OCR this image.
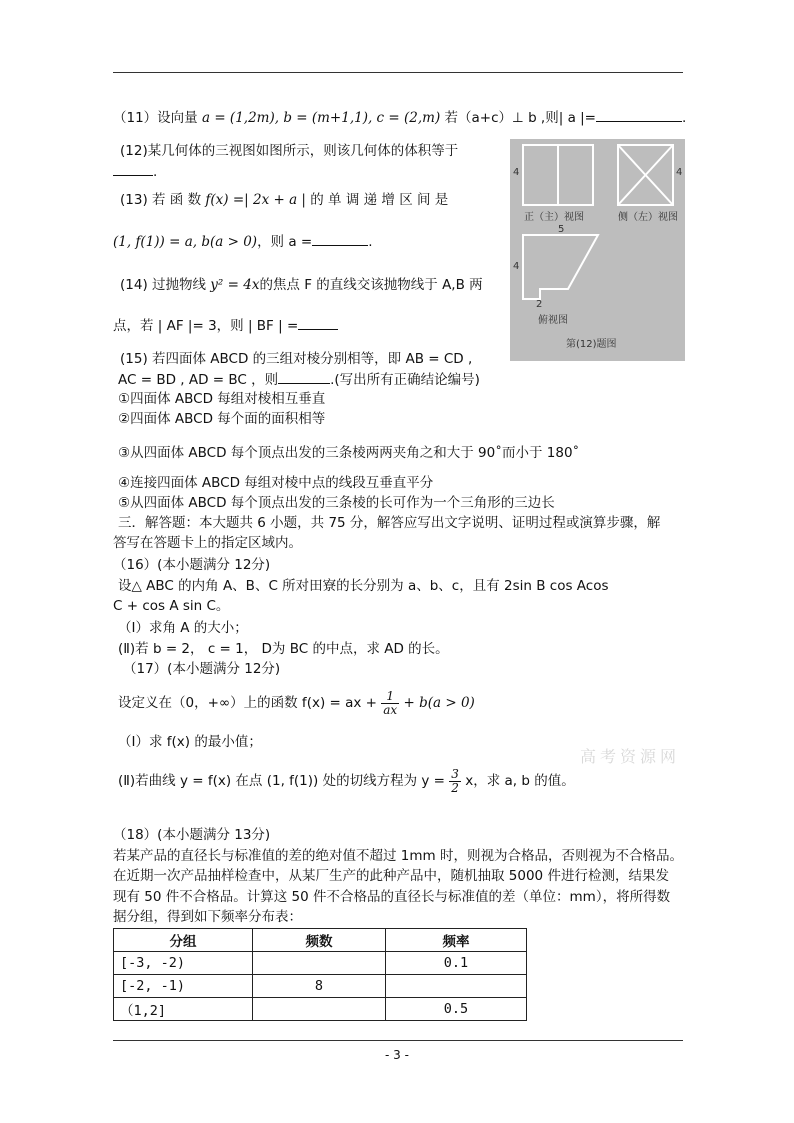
（11）设向量 a = (1,2m), b = (m+1,1), c = (2,m) 若（a+c）⊥ b ,则| a |=	.
(12)某几何体的三视图如图所示，则该几何体的体积等于
.
(13) 若 函 数 f(x) =| 2x + a | 的 单 调 递 增 区 间 是
(1, f(1)) = a, b(a > 0)，则 a =	.
(14) 过抛物线 y² = 4x的焦点 F 的直线交该抛物线于 A,B 两
点，若 | AF |= 3，则 | BF | =
4	4
正（主）视图	侧（左）视图
5
4
2
俯视图
第(12)题图
(15) 若四面体 ABCD 的三组对棱分别相等，即 AB = CD ,
AC = BD , AD = BC ，则	.(写出所有正确结论编号)
①四面体 ABCD 每组对棱相互垂直
②四面体 ABCD 每个面的面积相等
③从四面体 ABCD 每个顶点出发的三条棱两两夹角之和大于 90˚而小于 180˚
④连接四面体 ABCD 每组对棱中点的线段互垂直平分
⑤从四面体 ABCD 每个顶点出发的三条棱的长可作为一个三角形的三边长
三．解答题：本大题共 6 小题，共 75 分，解答应写出文字说明、证明过程或演算步骤，解
答写在答题卡上的指定区域内。
（16）(本小题满分 12分)
设△ ABC 的内角 A、B、C 所对田寮的长分别为 a、b、c，且有 2sin B cos Acos
C + cos A sin C。
（Ⅰ）求角 A 的大小；
(Ⅱ)若 b = 2， c = 1， D为 BC 的中点，求 AD 的长。
（17）(本小题满分 12分)
设定义在（0，+∞）上的函数 f(x) = ax + $\frac{1}{ax} + b(a > 0)$
（Ⅰ）求 f(x) 的最小值；
(Ⅱ)若曲线 y = f(x) 在点 (1, f(1)) 处的切线方程为 $y = \frac{3}{2}$ x，求 a, b 的值。
高考资源网
（18）(本小题满分 13分)
若某产品的直径长与标准值的差的绝对值不超过 1mm 时，则视为合格品，否则视为不合格品。
在近期一次产品抽样检查中，从某厂生产的此种产品中，随机抽取 5000 件进行检测，结果发
现有 50 件不合格品。计算这 50 件不合格品的直径长与标准值的差（单位：mm），将所得数
据分组，得到如下频率分布表：
分组	频数	频率
[-3, -2)		0.1
[-2, -1)	8	
（1,2]		0.5
- 3 -
